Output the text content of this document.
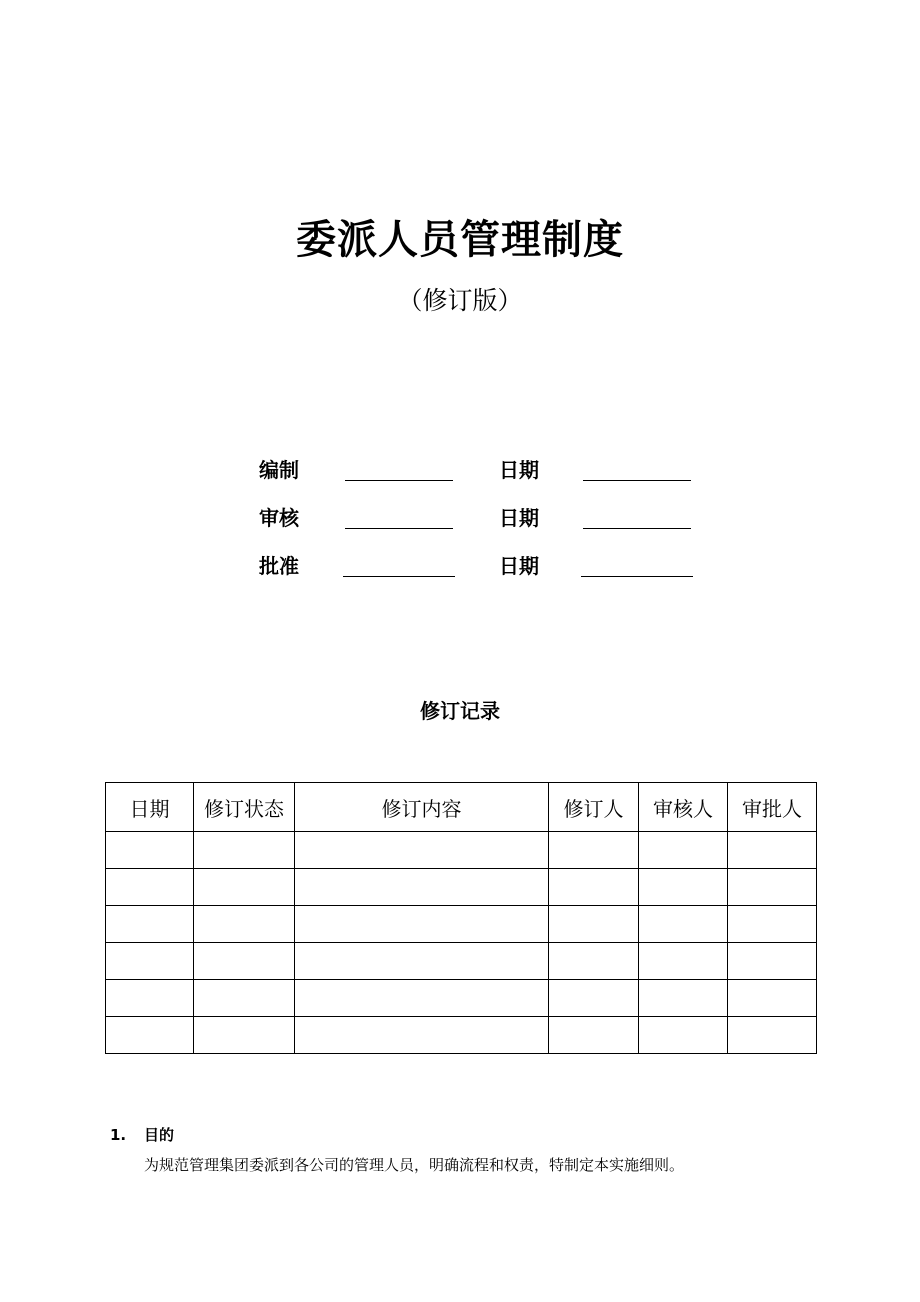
委派人员管理制度
（修订版）
编制	日期
审核	日期
批准	日期
修订记录
日期	修订状态	修订内容	修订人	审核人	审批人

1. 目的
为规范管理集团委派到各公司的管理人员，明确流程和权责，特制定本实施细则。
